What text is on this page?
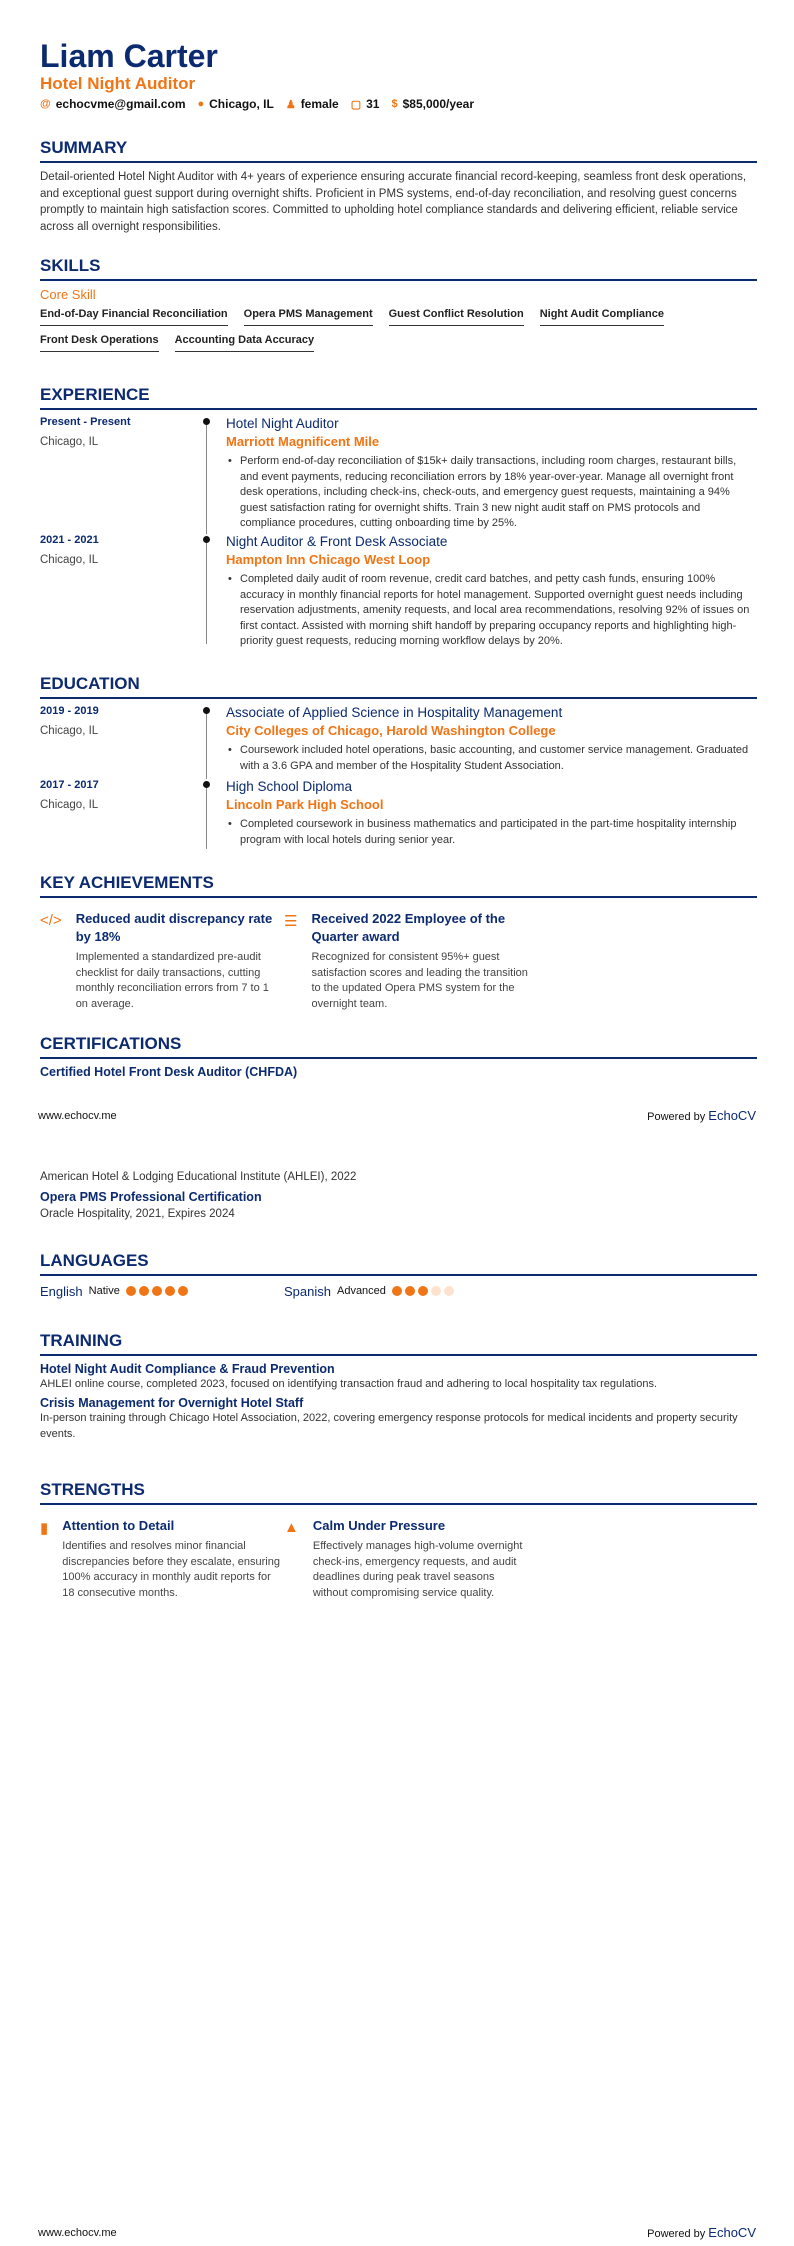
Liam Carter
Hotel Night Auditor
@ echocvme@gmail.com ● Chicago, IL ♟ female ▢ 31 $ $85,000/year
SUMMARY

Detail-oriented Hotel Night Auditor with 4+ years of experience ensuring accurate financial record-keeping, seamless front desk operations, and exceptional guest support during overnight shifts. Proficient in PMS systems, end-of-day reconciliation, and resolving guest concerns promptly to maintain high satisfaction scores. Committed to upholding hotel compliance standards and delivering efficient, reliable service across all overnight responsibilities.

SKILLS
Core Skill
End-of-Day Financial Reconciliation Opera PMS Management Guest Conflict Resolution Night Audit Compliance
Front Desk Operations Accounting Data Accuracy
EXPERIENCE
Present - Present
Chicago, IL
Hotel Night Auditor
Marriott Magnificent Mile
• Perform end-of-day reconciliation of $15k+ daily transactions, including room charges, restaurant bills, and event payments, reducing reconciliation errors by 18% year-over-year. Manage all overnight front desk operations, including check-ins, check-outs, and emergency guest requests, maintaining a 94% guest satisfaction rating for overnight shifts. Train 3 new night audit staff on PMS protocols and compliance procedures, cutting onboarding time by 25%.
2021 - 2021
Chicago, IL
Night Auditor & Front Desk Associate
Hampton Inn Chicago West Loop
• Completed daily audit of room revenue, credit card batches, and petty cash funds, ensuring 100% accuracy in monthly financial reports for hotel management. Supported overnight guest needs including reservation adjustments, amenity requests, and local area recommendations, resolving 92% of issues on first contact. Assisted with morning shift handoff by preparing occupancy reports and highlighting high-priority guest requests, reducing morning workflow delays by 20%.
EDUCATION
2019 - 2019
Chicago, IL
Associate of Applied Science in Hospitality Management
City Colleges of Chicago, Harold Washington College
• Coursework included hotel operations, basic accounting, and customer service management. Graduated with a 3.6 GPA and member of the Hospitality Student Association.
2017 - 2017
Chicago, IL
High School Diploma
Lincoln Park High School
• Completed coursework in business mathematics and participated in the part-time hospitality internship program with local hotels during senior year.
KEY ACHIEVEMENTS
</> Reduced audit discrepancy rate by 18%
Implemented a standardized pre-audit checklist for daily transactions, cutting monthly reconciliation errors from 7 to 1 on average.
☰ Received 2022 Employee of the Quarter award
Recognized for consistent 95%+ guest satisfaction scores and leading the transition to the updated Opera PMS system for the overnight team.
CERTIFICATIONS
Certified Hotel Front Desk Auditor (CHFDA)
www.echocv.me	Powered by EchoCV
American Hotel & Lodging Educational Institute (AHLEI), 2022
Opera PMS Professional Certification
Oracle Hospitality, 2021, Expires 2024
LANGUAGES
English Native	Spanish Advanced
TRAINING
Hotel Night Audit Compliance & Fraud Prevention
AHLEI online course, completed 2023, focused on identifying transaction fraud and adhering to local hospitality tax regulations.
Crisis Management for Overnight Hotel Staff
In-person training through Chicago Hotel Association, 2022, covering emergency response protocols for medical incidents and property security events.
STRENGTHS
▮ Attention to Detail
Identifies and resolves minor financial discrepancies before they escalate, ensuring 100% accuracy in monthly audit reports for 18 consecutive months.
▲ Calm Under Pressure
Effectively manages high-volume overnight check-ins, emergency requests, and audit deadlines during peak travel seasons without compromising service quality.
www.echocv.me	Powered by EchoCV
